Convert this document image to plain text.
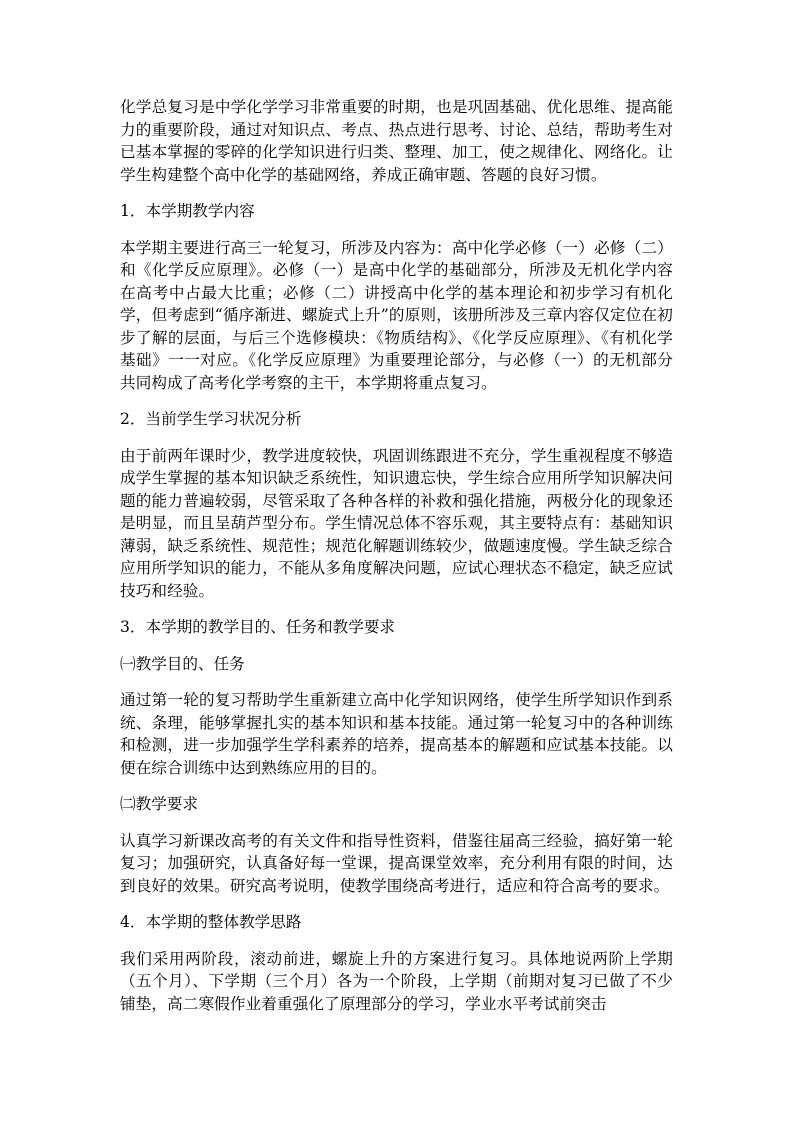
化学总复习是中学化学学习非常重要的时期，也是巩固基础、优化思维、提高能力的重要阶段，通过对知识点、考点、热点进行思考、讨论、总结，帮助考生对已基本掌握的零碎的化学知识进行归类、整理、加工，使之规律化、网络化。让学生构建整个高中化学的基础网络，养成正确审题、答题的良好习惯。

1．本学期教学内容

本学期主要进行高三一轮复习，所涉及内容为：高中化学必修（一）必修（二）和《化学反应原理》。必修（一）是高中化学的基础部分，所涉及无机化学内容在高考中占最大比重；必修（二）讲授高中化学的基本理论和初步学习有机化学，但考虑到“循序渐进、螺旋式上升”的原则，该册所涉及三章内容仅定位在初步了解的层面，与后三个选修模块：《物质结构》、《化学反应原理》、《有机化学基础》一一对应。《化学反应原理》为重要理论部分，与必修（一）的无机部分共同构成了高考化学考察的主干，本学期将重点复习。

2．当前学生学习状况分析

由于前两年课时少，教学进度较快，巩固训练跟进不充分，学生重视程度不够造成学生掌握的基本知识缺乏系统性，知识遗忘快，学生综合应用所学知识解决问题的能力普遍较弱，尽管采取了各种各样的补救和强化措施，两极分化的现象还是明显，而且呈葫芦型分布。学生情况总体不容乐观，其主要特点有：基础知识薄弱，缺乏系统性、规范性；规范化解题训练较少，做题速度慢。学生缺乏综合应用所学知识的能力，不能从多角度解决问题，应试心理状态不稳定，缺乏应试技巧和经验。

3．本学期的教学目的、任务和教学要求

㈠教学目的、任务

通过第一轮的复习帮助学生重新建立高中化学知识网络，使学生所学知识作到系统、条理，能够掌握扎实的基本知识和基本技能。通过第一轮复习中的各种训练和检测，进一步加强学生学科素养的培养，提高基本的解题和应试基本技能。以便在综合训练中达到熟练应用的目的。

㈡教学要求

认真学习新课改高考的有关文件和指导性资料，借鉴往届高三经验，搞好第一轮复习；加强研究，认真备好每一堂课，提高课堂效率，充分利用有限的时间，达到良好的效果。研究高考说明，使教学围绕高考进行，适应和符合高考的要求。

4．本学期的整体教学思路

我们采用两阶段，滚动前进，螺旋上升的方案进行复习。具体地说两阶上学期（五个月）、下学期（三个月）各为一个阶段，上学期（前期对复习已做了不少铺垫，高二寒假作业着重强化了原理部分的学习，学业水平考试前突击
